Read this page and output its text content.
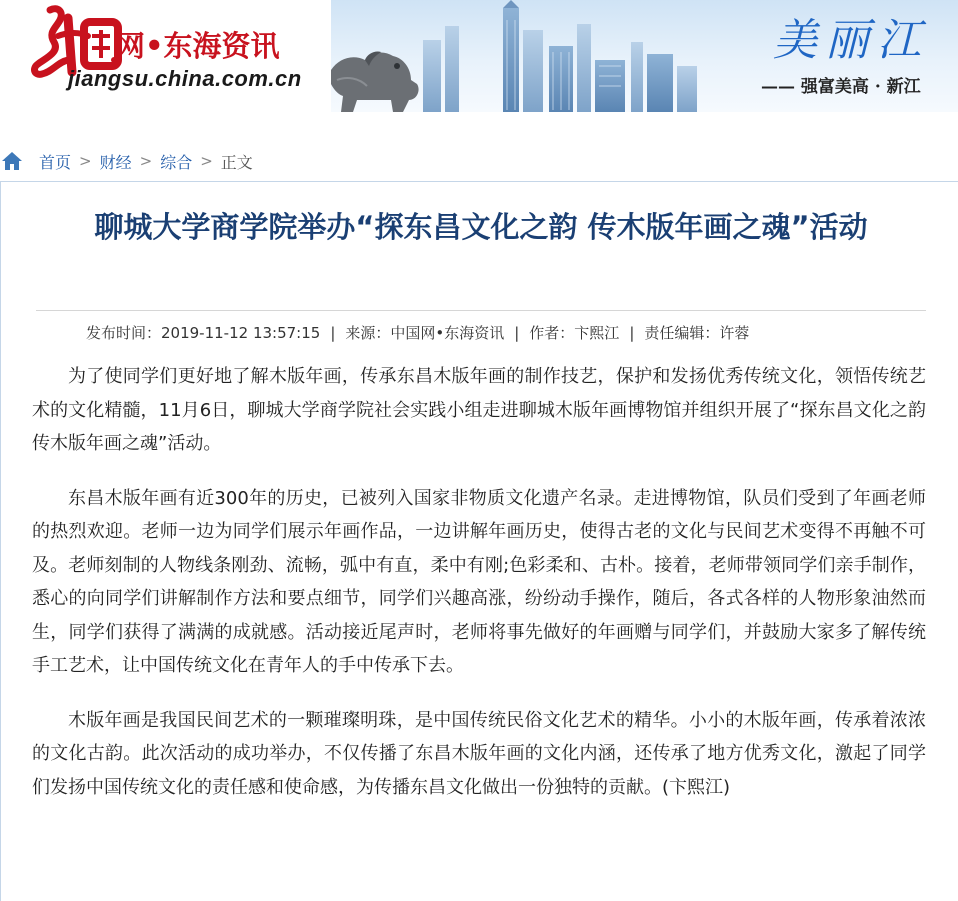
网•东海资讯
jiangsu.china.com.cn
美丽江
—— 强富美高 · 新江
首页 > 财经 > 综合 > 正文
聊城大学商学院举办“探东昌文化之韵 传木版年画之魂”活动
发布时间：2019-11-12 13:57:15 | 来源：中国网•东海资讯 | 作者：卞熙江 | 责任编辑：许蓉

为了使同学们更好地了解木版年画，传承东昌木版年画的制作技艺，保护和发扬优秀传统文化，领悟传统艺术的文化精髓，11月6日，聊城大学商学院社会实践小组走进聊城木版年画博物馆并组织开展了“探东昌文化之韵 传木版年画之魂”活动。

东昌木版年画有近300年的历史，已被列入国家非物质文化遗产名录。走进博物馆，队员们受到了年画老师的热烈欢迎。老师一边为同学们展示年画作品，一边讲解年画历史，使得古老的文化与民间艺术变得不再触不可及。老师刻制的人物线条刚劲、流畅，弧中有直，柔中有刚;色彩柔和、古朴。接着，老师带领同学们亲手制作，悉心的向同学们讲解制作方法和要点细节，同学们兴趣高涨，纷纷动手操作，随后，各式各样的人物形象油然而生，同学们获得了满满的成就感。活动接近尾声时，老师将事先做好的年画赠与同学们，并鼓励大家多了解传统手工艺术，让中国传统文化在青年人的手中传承下去。

木版年画是我国民间艺术的一颗璀璨明珠，是中国传统民俗文化艺术的精华。小小的木版年画，传承着浓浓的文化古韵。此次活动的成功举办，不仅传播了东昌木版年画的文化内涵，还传承了地方优秀文化，激起了同学们发扬中国传统文化的责任感和使命感，为传播东昌文化做出一份独特的贡献。(卞熙江)
